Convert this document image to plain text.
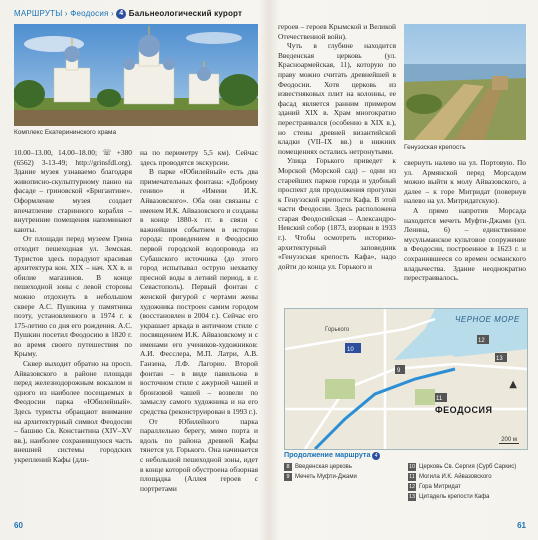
МАРШРУТЫ › Феодосия › 4 Бальнеологический курорт
Комплекс Екатерининского храма

10.00–13.00, 14.00–18.00; ☏ +380 (6562) 3-13-49; http://grinsfdl.org). Здание музея узнаваемо благодаря живописно-скульптурному панно на фасаде – гриновской «Бригантине». Оформление музея создает впечатление старинного корабля – внутренние помещения напоминают каюты.

От площади перед музеем Грина отходит пешеходная ул. Земская. Туристов здесь порадуют красивая архитектура кон. XIX – нач. XX в. и обилие магазинов. В конце пешеходной зоны с левой стороны можно отдохнуть в небольшом сквере А.С. Пушкина у памятника поэту, установленного в 1974 г. к 175-летию со дня его рождения. А.С. Пушкин посетил Феодосию в 1820 г. во время своего путешествия по Крыму.

Сквер выходит обратно на просп. Айвазовского в районе площади перед железнодорожным вокзалом и одного из наиболее посещаемых в Феодосии парка «Юбилейный». Здесь туристы обращают внимание на архитектурный символ Феодосии – башню Св. Константина (XIV–XV вв.), наиболее сохранившуюся часть внешней системы городских укреплений Кафы (дли-

на по периметру 5,5 км). Сейчас здесь проводятся экскурсии.

В парке «Юбилейный» есть два примечательных фонтана: «Доброму гению» и «Имени И.К. Айвазовского». Оба они связаны с именем И.К. Айвазовского и созданы в конце 1880-х гг. в связи с важнейшим событием в истории города: проведением в Феодосию первой городской водопровода из Субашского источника (до этого город испытывал острую нехватку пресной воды в летний период, в г. Севастополь). Первый фонтан с женской фигурой с чертами жены художника построен самим городом (восстановлен в 2004 г.). Сейчас его украшает аркада в античном стиле с посвящением И.К. Айвазовскому и с именами его учеников-художников: А.И. Фесслера, М.П. Латри, А.В. Ганзена, Л.Ф. Лагорио. Второй фонтан – в виде павильона в восточном стиле с ажурной чашей и бронзовой чашей – возвели по замыслу самого художника и на его средства (реконструирован в 1993 г.).

От Юбилейного парка параллельно берегу, мимо порта и вдоль по района древней Кафы тянется ул. Горького. Она начинается с небольшой пешеходной зоны, идет в конце которой обустроена обзорная площадка (Аллея героев с портретами

60

героев – героев Крымской и Великой Отечественной войн).

Чуть в глубине находится Введенская церковь (ул. Красноармейская, 11), которую по праву можно считать древнейшей в Феодосии. Хотя церковь из известняковых плит на колонны, ее фасад является ранним примером зданий XIX в. Храм многократно перестраивался (особенно в XIX в.), но стены древней византийской кладки (VII–IX вв.) в нижних помещениях остались нетронутыми.

Улица Горького приведет к Морской (Морской сад) – одни из старейших парков города и удобный проспект для продолжения прогулки к Генуэзской крепости Кафа. В этой части Феодосии. Здесь расположена старая Феодосийская – Александро-Невский собор (1873, взорван в 1933 г.). Чтобы осмотреть историко-архитектурный заповедник «Генуэзская крепость Кафа», надо дойти до конца ул. Горького и

Генуэзская крепость

свернуть налево на ул. Портовую. По ул. Армянской перед Морсадом можно выйти к молу Айвазовского, а далее – к горе Митридат (повернув налево на ул. Митридатскую).

А прямо напротив Морсада находится мечеть Муфти-Джами (ул. Ленина, 6) – единственное мусульманское культовое сооружение в Феодосии, построенное в 1623 г. и сохранившееся со времен османского владычества. Здание неоднократно перестраивалось.

10
9
11
12
13
ЧЕРНОЕ МОРЕ
ФЕОДОСИЯ
Горького
200 м
▲
Продолжение маршрута 4
8 Введенская церковь
9 Мечеть Муфти-Джами
10 Церковь Св. Сергия (Сурб Саркис)
11 Могила И.К. Айвазовского
12 Гора Митридат
13 Цитадель крепости Кафа
61
